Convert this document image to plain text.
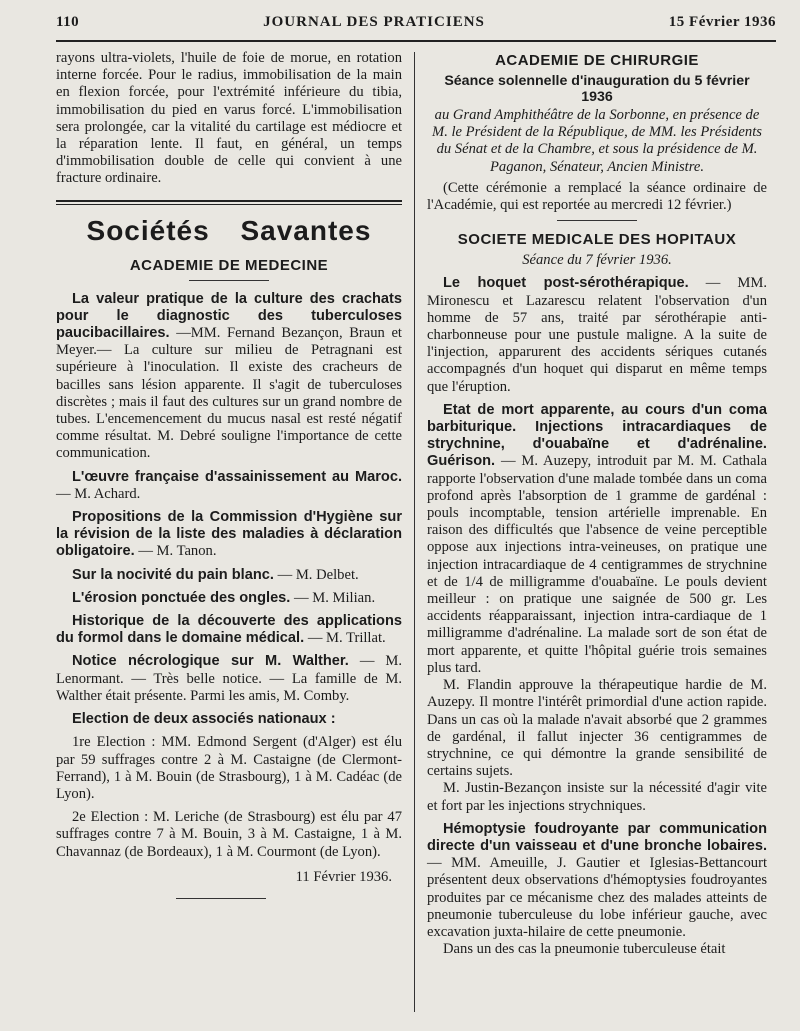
110	JOURNAL DES PRATICIENS	15 Février 1936

rayons ultra-violets, l'huile de foie de morue, en rotation interne forcée. Pour le radius, immobilisation de la main en flexion forcée, pour l'extrémité inférieure du tibia, immobilisation du pied en varus forcé. L'immobilisation sera prolongée, car la vitalité du cartilage est médiocre et la réparation lente. Il faut, en général, un temps d'immobilisation double de celle qui convient à une fracture ordinaire.

Sociétés Savantes
ACADEMIE DE MEDECINE

La valeur pratique de la culture des crachats pour le diagnostic des tuberculoses paucibacillaires. —MM. Fernand Bezançon, Braun et Meyer.— La culture sur milieu de Petragnani est supérieure à l'inoculation. Il existe des cracheurs de bacilles sans lésion apparente. Il s'agit de tuberculoses discrètes ; mais il faut des cultures sur un grand nombre de tubes. L'encemencement du mucus nasal est resté négatif comme résultat. M. Debré souligne l'importance de cette communication.

L'œuvre française d'assainissement au Maroc. — M. Achard.

Propositions de la Commission d'Hygiène sur la révision de la liste des maladies à déclaration obligatoire. — M. Tanon.

Sur la nocivité du pain blanc. — M. Delbet.

L'érosion ponctuée des ongles. — M. Milian.

Historique de la découverte des applications du formol dans le domaine médical. — M. Trillat.

Notice nécrologique sur M. Walther. — M. Lenormant. — Très belle notice. — La famille de M. Walther était présente. Parmi les amis, M. Comby.

Election de deux associés nationaux :

1re Election : MM. Edmond Sergent (d'Alger) est élu par 59 suffrages contre 2 à M. Castaigne (de Clermont-Ferrand), 1 à M. Bouin (de Strasbourg), 1 à M. Cadéac (de Lyon).

2e Election : M. Leriche (de Strasbourg) est élu par 47 suffrages contre 7 à M. Bouin, 3 à M. Castaigne, 1 à M. Chavannaz (de Bordeaux), 1 à M. Courmont (de Lyon).

11 Février 1936.
ACADEMIE DE CHIRURGIE
Séance solennelle d'inauguration du 5 février 1936

au Grand Amphithéâtre de la Sorbonne, en présence de M. le Président de la République, de MM. les Présidents du Sénat et de la Chambre, et sous la présidence de M. Paganon, Sénateur, Ancien Ministre.

(Cette cérémonie a remplacé la séance ordinaire de l'Académie, qui est reportée au mercredi 12 février.)

SOCIETE MEDICALE DES HOPITAUX
Séance du 7 février 1936.

Le hoquet post-sérothérapique. — MM. Mironescu et Lazarescu relatent l'observation d'un homme de 57 ans, traité par sérothérapie anti-charbonneuse pour une pustule maligne. A la suite de l'injection, apparurent des accidents sériques cutanés accompagnés d'un hoquet qui disparut en même temps que l'éruption.

Etat de mort apparente, au cours d'un coma barbiturique. Injections intracardiaques de strychnine, d'ouabaïne et d'adrénaline. Guérison. — M. Auzepy, introduit par M. M. Cathala rapporte l'observation d'une malade tombée dans un coma profond après l'absorption de 1 gramme de gardénal : pouls incomptable, tension artérielle imprenable. En raison des difficultés que l'absence de veine perceptible oppose aux injections intra-veineuses, on pratique une injection intracardiaque de 4 centigrammes de strychnine et de 1/4 de milligramme d'ouabaïne. Le pouls devient meilleur : on pratique une saignée de 500 gr. Les accidents réapparaissant, injection intra-cardiaque de 1 milligramme d'adrénaline. La malade sort de son état de mort apparente, et quitte l'hôpital guérie trois semaines plus tard.

M. Flandin approuve la thérapeutique hardie de M. Auzepy. Il montre l'intérêt primordial d'une action rapide. Dans un cas où la malade n'avait absorbé que 2 grammes de gardénal, il fallut injecter 36 centigrammes de strychnine, ce qui démontre la grande sensibilité de certains sujets.

M. Justin-Bezançon insiste sur la nécessité d'agir vite et fort par les injections strychniques.

Hémoptysie foudroyante par communication directe d'un vaisseau et d'une bronche lobaires. — MM. Ameuille, J. Gautier et Iglesias-Bettancourt présentent deux observations d'hémoptysies foudroyantes produites par ce mécanisme chez des malades atteints de pneumonie tuberculeuse du lobe inférieur gauche, avec excavation juxta-hilaire de cette pneumonie.

Dans un des cas la pneumonie tuberculeuse était
